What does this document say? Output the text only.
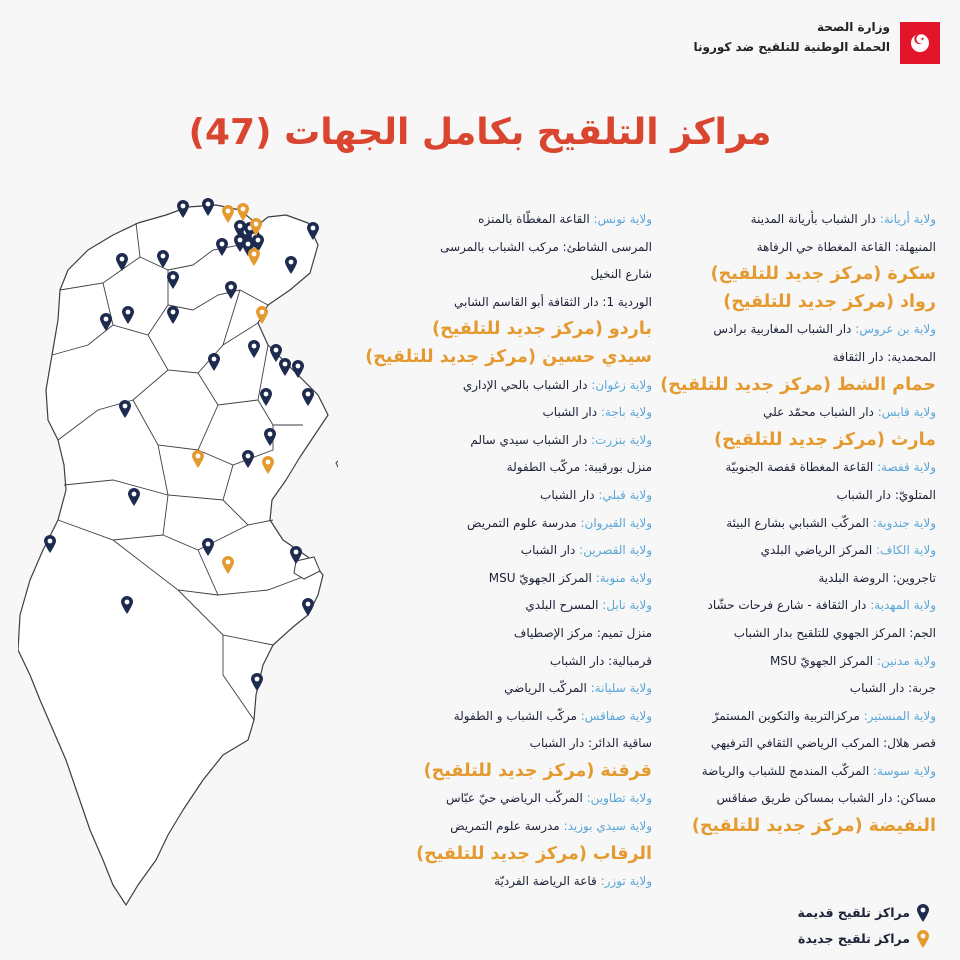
☪
وزارة الصحة
الحملة الوطنية للتلقيح ضد كورونا
مراكز التلقيح بكامل الجهات (47)
ولاية أريانة: دار الشباب بأريانة المدينة
المنيهلة: القاعة المغطاة حي الرفاهة
سكرة (مركز جديد للتلقيح)
رواد (مركز جديد للتلقيح)
ولاية بن عروس: دار الشباب المغاربية برادس
المحمدية: دار الثقافة
حمام الشط (مركز جديد للتلقيح)
ولاية قابس: دار الشباب محمّد علي
مارث (مركز جديد للتلقيح)
ولاية قفصة: القاعة المغطاة قفصة الجنوبيّة
المتلويّ: دار الشباب
ولاية جندوبة: المركّب الشبابي بشارع البيئة
ولاية الكاف: المركز الرياضي البلدي
تاجروين: الروضة البلدية
ولاية المهدية: دار الثقافة - شارع فرحات حشّاد
الجم: المركز الجهوي للتلقيح بدار الشباب
ولاية مدنين: المركز الجهويّ MSU
جربة: دار الشباب
ولاية المنستير: مركزالتربية والتكوين المستمرّ
قصر هلال: المركب الرياضي الثقافي الترفيهي
ولاية سوسة: المركّب المندمج للشباب والرياضة
مساكن: دار الشباب بمساكن طريق صفاقس
النفيضة (مركز جديد للتلقيح)
ولاية تونس: القاعة المغطّاة بالمنزه
المرسى الشاطئ: مركب الشباب بالمرسى
شارع النخيل
الوردية 1: دار الثقافة أبو القاسم الشابي
باردو (مركز جديد للتلقيح)
سيدي حسين (مركز جديد للتلقيح)
ولاية زغوان: دار الشباب بالحي الإداري
ولاية باجة: دار الشباب
ولاية بنزرت: دار الشباب سيدي سالم
منزل بورقيبة: مركّب الطفولة
ولاية قبلي: دار الشباب
ولاية القيروان: مدرسة علوم التمريض
ولاية القصرين: دار الشباب
ولاية منوبة: المركز الجهويّ MSU
ولاية نابل: المسرح البلدي
منزل تميم: مركز الإصطياف
قرمبالية: دار الشباب
ولاية سليانة: المركّب الرياضي
ولاية صفاقس: مركّب الشباب و الطفولة
ساقية الدائر: دار الشباب
قرقنة (مركز جديد للتلقيح)
ولاية تطاوين: المركّب الرياضي حيّ عبّاس
ولاية سيدي بوزيد: مدرسة علوم التمريض
الرقاب (مركز جديد للتلقيح)
ولاية توزر: قاعة الرياضة الفرديّة
مراكز تلقيح قديمة
مراكز تلقيح جديدة
